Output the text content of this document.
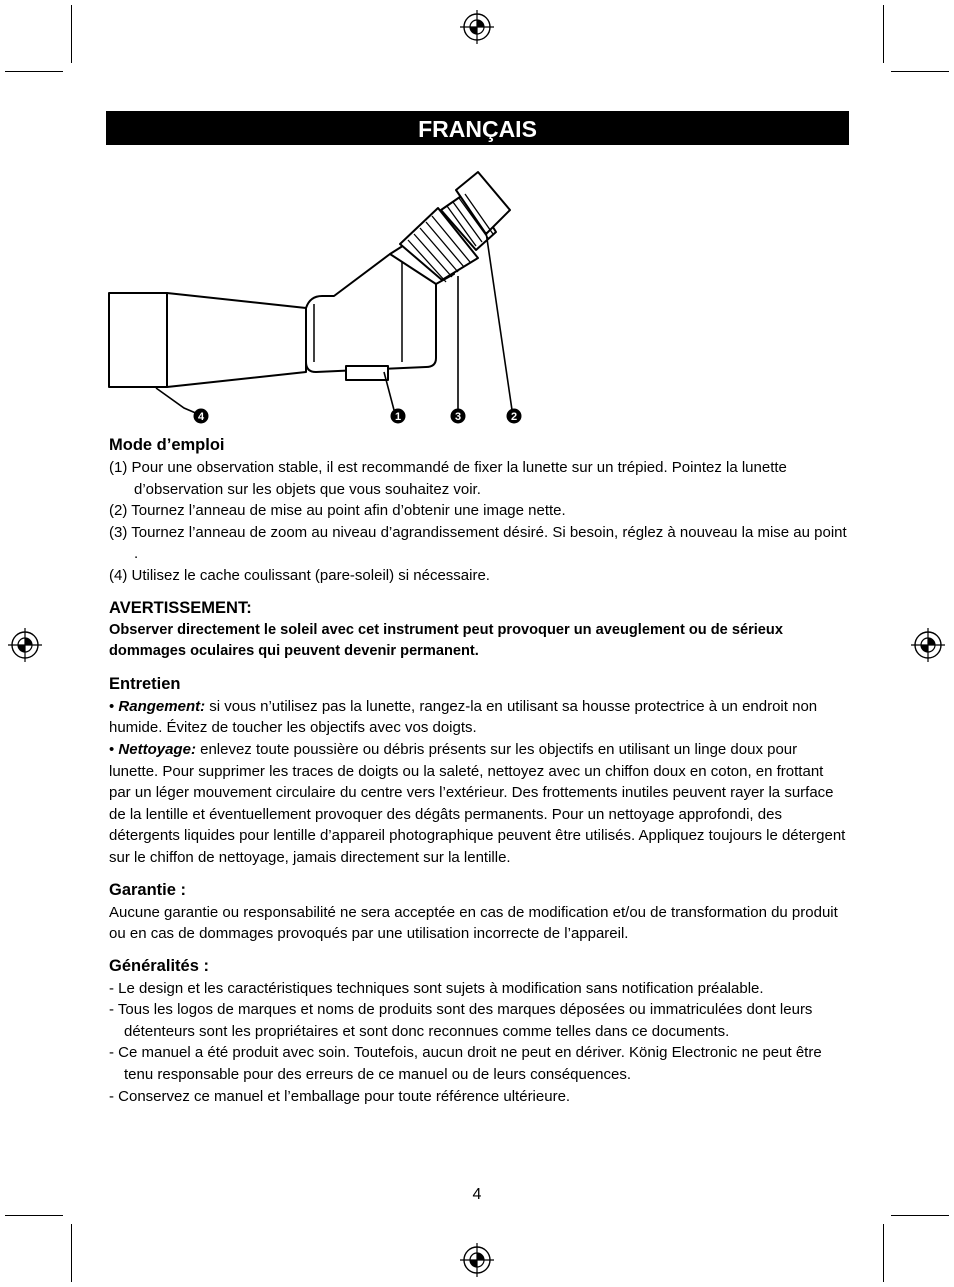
FRANÇAIS
4	1	3	2
Mode d’emploi
(1) Pour une observation stable, il est recommandé de fixer la lunette sur un trépied. Pointez la lunette d’observation sur les objets que vous souhaitez voir.
(2) Tournez l’anneau de mise au point afin d’obtenir une image nette.
(3) Tournez l’anneau de zoom au niveau d’agrandissement désiré. Si besoin, réglez à nouveau la mise au point .
(4) Utilisez le cache coulissant (pare-soleil) si nécessaire.
AVERTISSEMENT:

Observer directement le soleil avec cet instrument peut provoquer un aveuglement ou de sérieux dommages oculaires qui peuvent devenir permanent.

Entretien

• Rangement: si vous n’utilisez pas la lunette, rangez-la en utilisant sa housse protectrice à un endroit non humide. Évitez de toucher les objectifs avec vos doigts.

• Nettoyage: enlevez toute poussière ou débris présents sur les objectifs en utilisant un linge doux pour lunette. Pour supprimer les traces de doigts ou la saleté, nettoyez avec un chiffon doux en coton, en frottant par un léger mouvement circulaire du centre vers l’extérieur. Des frottements inutiles peuvent rayer la surface de la lentille et éventuellement provoquer des dégâts permanents. Pour un nettoyage approfondi, des détergents liquides pour lentille d’appareil photographique peuvent être utilisés. Appliquez toujours le détergent sur le chiffon de nettoyage, jamais directement sur la lentille.

Garantie :

Aucune garantie ou responsabilité ne sera acceptée en cas de modification et/ou de transformation du produit ou en cas de dommages provoqués par une utilisation incorrecte de l’appareil.

Généralités :
- Le design et les caractéristiques techniques sont sujets à modification sans notification préalable.
- Tous les logos de marques et noms de produits sont des marques déposées ou immatriculées dont leurs détenteurs sont les propriétaires et sont donc reconnues comme telles dans ce documents.
- Ce manuel a été produit avec soin. Toutefois, aucun droit ne peut en dériver. König Electronic ne peut être tenu responsable pour des erreurs de ce manuel ou de leurs conséquences.
- Conservez ce manuel et l’emballage pour toute référence ultérieure.
4
